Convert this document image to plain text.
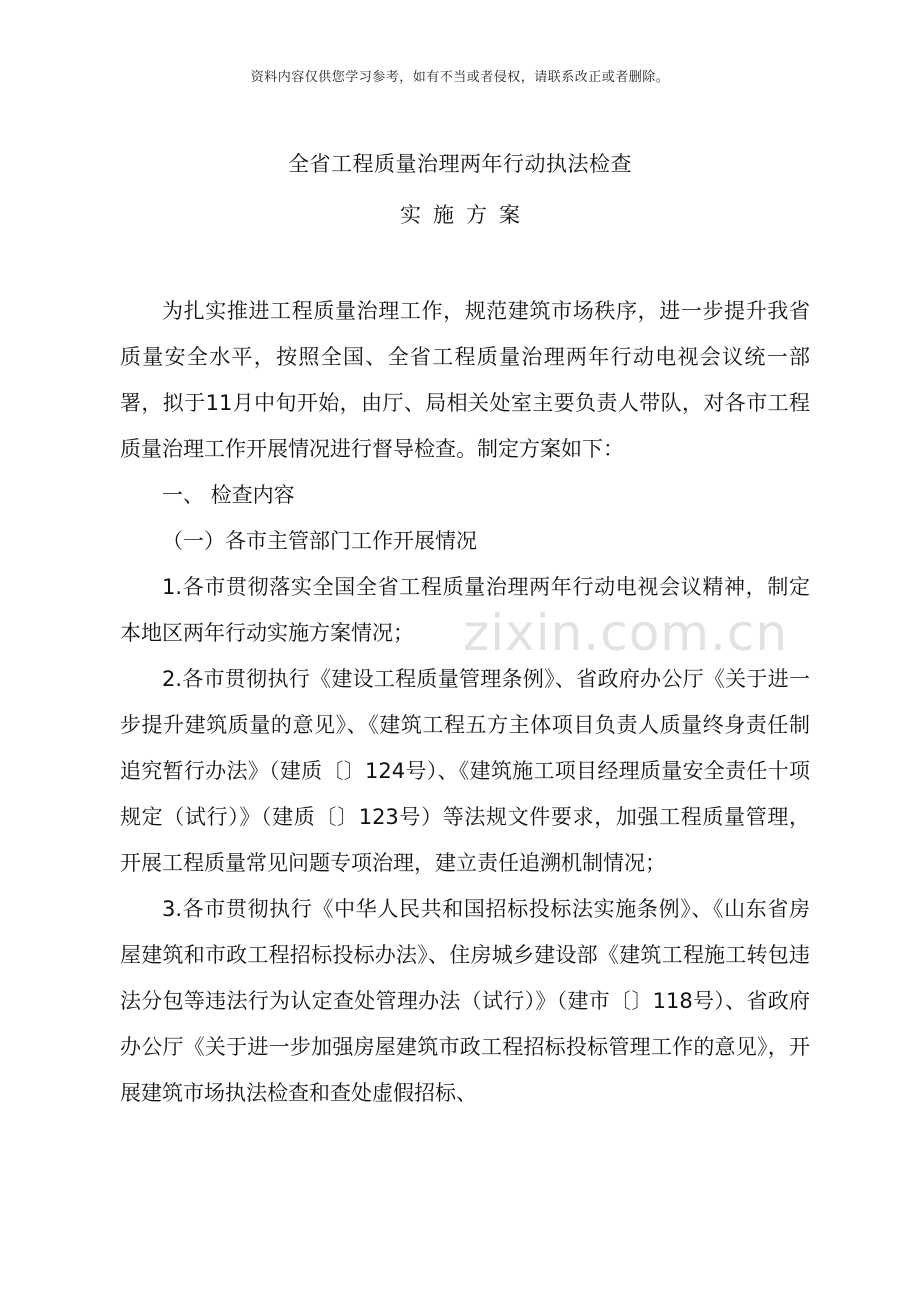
资料内容仅供您学习参考，如有不当或者侵权，请联系改正或者删除。
全省工程质量治理两年行动执法检查
实施方案

为扎实推进工程质量治理工作，规范建筑市场秩序，进一步提升我省质量安全水平，按照全国、全省工程质量治理两年行动电视会议统一部署，拟于11月中旬开始，由厅、局相关处室主要负责人带队，对各市工程质量治理工作开展情况进行督导检查。制定方案如下：

一、 检查内容

（一）各市主管部门工作开展情况

1.各市贯彻落实全国全省工程质量治理两年行动电视会议精神，制定本地区两年行动实施方案情况；

2.各市贯彻执行《建设工程质量管理条例》、省政府办公厅《关于进一步提升建筑质量的意见》、《建筑工程五方主体项目负责人质量终身责任制追究暂行办法》（建质〔〕124号）、《建筑施工项目经理质量安全责任十项规定（试行）》（建质〔〕123号）等法规文件要求，加强工程质量管理，开展工程质量常见问题专项治理，建立责任追溯机制情况；

3.各市贯彻执行《中华人民共和国招标投标法实施条例》、《山东省房屋建筑和市政工程招标投标办法》、住房城乡建设部《建筑工程施工转包违法分包等违法行为认定查处管理办法（试行）》（建市〔〕118号）、省政府办公厅《关于进一步加强房屋建筑市政工程招标投标管理工作的意见》，开展建筑市场执法检查和查处虚假招标、

zixin.com.cn
